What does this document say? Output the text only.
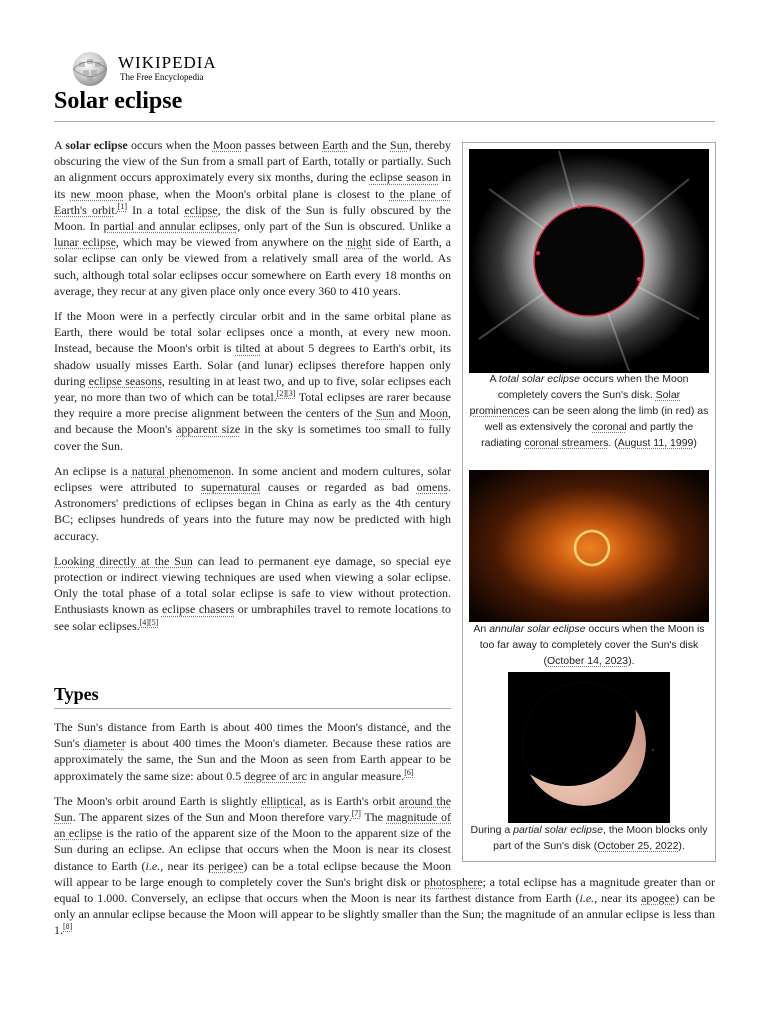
WIKIPEDIA
The Free Encyclopedia
Solar eclipse

A solar eclipse occurs when the Moon passes between Earth and the Sun, thereby obscuring the view of the Sun from a small part of Earth, totally or partially. Such an alignment occurs approximately every six months, during the eclipse season in its new moon phase, when the Moon's orbital plane is closest to the plane of Earth's orbit.[1] In a total eclipse, the disk of the Sun is fully obscured by the Moon. In partial and annular eclipses, only part of the Sun is obscured. Unlike a lunar eclipse, which may be viewed from anywhere on the night side of Earth, a solar eclipse can only be viewed from a relatively small area of the world. As such, although total solar eclipses occur somewhere on Earth every 18 months on average, they recur at any given place only once every 360 to 410 years.

If the Moon were in a perfectly circular orbit and in the same orbital plane as Earth, there would be total solar eclipses once a month, at every new moon. Instead, because the Moon's orbit is tilted at about 5 degrees to Earth's orbit, its shadow usually misses Earth. Solar (and lunar) eclipses therefore happen only during eclipse seasons, resulting in at least two, and up to five, solar eclipses each year, no more than two of which can be total.[2][3] Total eclipses are rarer because they require a more precise alignment between the centers of the Sun and Moon, and because the Moon's apparent size in the sky is sometimes too small to fully cover the Sun.

An eclipse is a natural phenomenon. In some ancient and modern cultures, solar eclipses were attributed to supernatural causes or regarded as bad omens. Astronomers' predictions of eclipses began in China as early as the 4th century BC; eclipses hundreds of years into the future may now be predicted with high accuracy.

Looking directly at the Sun can lead to permanent eye damage, so special eye protection or indirect viewing techniques are used when viewing a solar eclipse. Only the total phase of a total solar eclipse is safe to view without protection. Enthusiasts known as eclipse chasers or umbraphiles travel to remote locations to see solar eclipses.[4][5]

A total solar eclipse occurs when the Moon completely covers the Sun's disk. Solar prominences can be seen along the limb (in red) as well as extensively the coronal and partly the radiating coronal streamers. (August 11, 1999)
An annular solar eclipse occurs when the Moon is too far away to completely cover the Sun's disk (October 14, 2023).
During a partial solar eclipse, the Moon blocks only part of the Sun's disk (October 25, 2022).
Types

The Sun's distance from Earth is about 400 times the Moon's distance, and the Sun's diameter is about 400 times the Moon's diameter. Because these ratios are approximately the same, the Sun and the Moon as seen from Earth appear to be approximately the same size: about 0.5 degree of arc in angular measure.[6]

The Moon's orbit around Earth is slightly elliptical, as is Earth's orbit around the Sun. The apparent sizes of the Sun and Moon therefore vary.[7] The magnitude of an eclipse is the ratio of the apparent size of the Moon to the apparent size of the Sun during an eclipse. An eclipse that occurs when the Moon is near its closest distance to Earth (i.e., near its perigee) can be a total eclipse because the Moon will appear to be large enough to completely cover the Sun's bright disk or photosphere; a total eclipse has a magnitude greater than or equal to 1.000. Conversely, an eclipse that occurs when the Moon is near its farthest distance from Earth (i.e., near its apogee) can be only an annular eclipse because the Moon will appear to be slightly smaller than the Sun; the magnitude of an annular eclipse is less than 1.[8]
